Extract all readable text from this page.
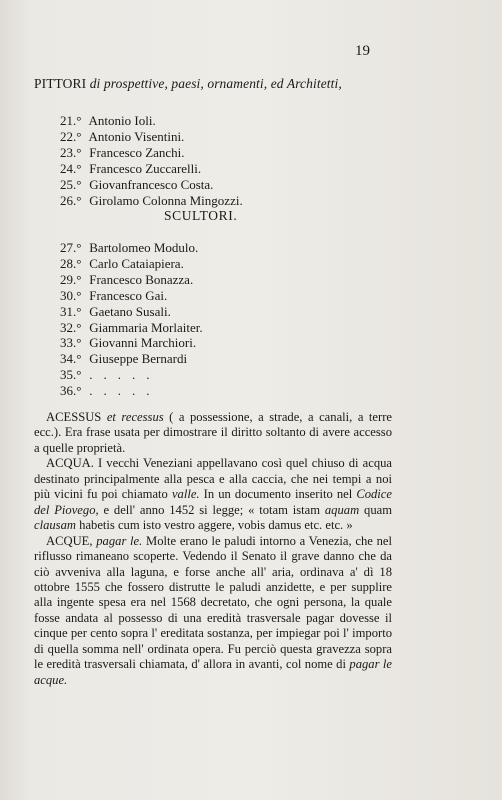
19
PITTORI di prospettive, paesi, ornamenti, ed Architetti,
21.° Antonio Ioli.
22.° Antonio Visentini.
23.° Francesco Zanchi.
24.° Francesco Zuccarelli.
25.° Giovanfrancesco Costa.
26.° Girolamo Colonna Mingozzi.
SCULTORI.
27.° Bartolomeo Modulo.
28.° Carlo Cataiapiera.
29.° Francesco Bonazza.
30.° Francesco Gai.
31.° Gaetano Susali.
32.° Giammaria Morlaiter.
33.° Giovanni Marchiori.
34.° Giuseppe Bernardi
35.° .....
36.° .....

ACESSUS et recessus ( a possessione, a strade, a canali, a terre ecc.). Era frase usata per dimostrare il diritto soltanto di avere accesso a quelle proprietà.

ACQUA. I vecchi Veneziani appellavano così quel chiuso di acqua destinato principalmente alla pesca e alla caccia, che nei tempi a noi più vicini fu poi chiamato valle. In un documento inserito nel Codice del Piovego, e dell' anno 1452 si legge; « totam istam aquam quam clausam habetis cum isto vestro aggere, vobis damus etc. etc. »

ACQUE, pagar le. Molte erano le paludi intorno a Venezia, che nel riflusso rimaneano scoperte. Vedendo il Senato il grave danno che da ciò avveniva alla laguna, e forse anche all' aria, ordinava a' dì 18 ottobre 1555 che fossero distrutte le paludi anzidette, e per supplire alla ingente spesa era nel 1568 decretato, che ogni persona, la quale fosse andata al possesso di una eredità trasversale pagar dovesse il cinque per cento sopra l' ereditata sostanza, per impiegar poi l' importo di quella somma nell' ordinata opera. Fu perciò questa gravezza sopra le eredità trasversali chiamata, d' allora in avanti, col nome di pagar le acque.
